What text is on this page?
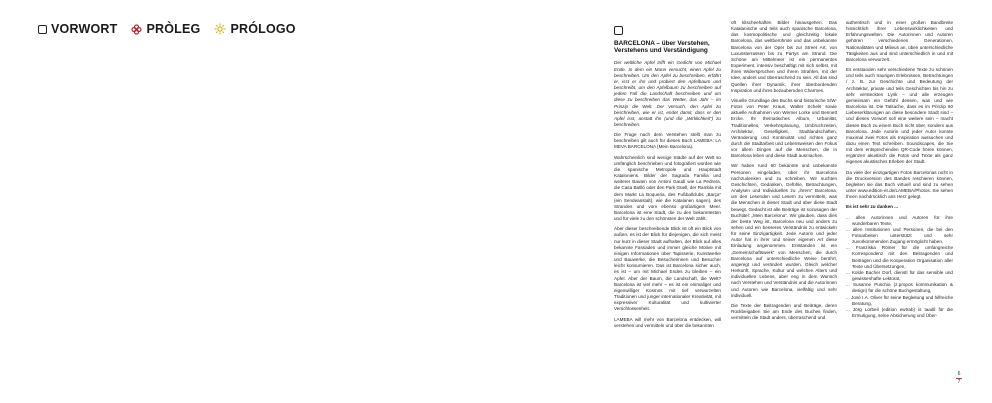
VORWORT PRÒLEG PRÓLOGO
BARCELONA – über Verstehen, Verstehens und Verständigung

Der weltliche Apfel trifft ein Gedicht von Michael Ende. In dem ein Mann versucht, einen Apfel zu beschreiben. Um den Apfel zu beschreiben, erfährt er, isst er ihn und probiert den Apfelbaum und beschreibt, um den Apfelbaum zu beschreiben auf jedem Fall die Landschaft beschreiben und um diese zu beschreiben das Wetter, das Jahr – im Prinzip die Welt. Der Versuch, den Apfel zu beschreiben, wie er ist, endet damit, dass er den Apfel isst, anstatt ihn (und die „Wirklichkeit“) zu beschreiben.

Die Frage nach dem Verstehen stellt man zu beschreiben gilt auch für dieses Buch LAMEBA: LA MEVA BARCELONA (Mein Barcelona).

Wahrscheinlich sind wenige Städte auf der Welt so umfänglich beschrieben und fotografiert worden wie die spanische Metropole und Hauptstadt Kataloniens. Bilder der Sagrada Familia und weiterer Bauten von Antoni Gaudí wie La Pedrera, die Casa Batlló oder den Park Güell, der Rambla mit dem Markt La Boqueria, des Fußballclubs „Barça“ (ein Sendeanstalt), wie die Katalanen sagen), des Strandes und vom ebenso großartigem Meer. Barcelona ist eine Stadt, die zu den bekanntesten und für viele zu den schönsten der Welt zählt.

Aber dieser beschreibende Blick ist oft ein Blick von außen, es ist der Blick für diejenigen, die sich meist nur kurz in dieser Stadt aufhalten, der Blick auf alles bekannte Fassaden und immer gleiche Motive mit einigen Informationen über Tapisserie, Kunstwerke und Bauwerke, die Besucherinnen und Besucher leicht konsumieren. Das ist Barcelona sicher auch, es ist – um mit Michael Endes zu bleiben – ein Apfel. Aber der Baum, die Landschaft, die Welt? Barcelona ist viel mehr – es ist ein einmaliger und eigenwilliger Kosmos mit tief verwurzelten Traditionen und junger internationaler Kreativität, mit expressiver Kulturalität und kultivierter Verschlossenheit.

LAMEBA will mehr von Barcelona entdecken, will verstehen und vermitteln und über die bekannten

oft klischeehaften Bilder hinausgehen. Das Katalanische und teils auch spanische Barcelona, das kosmopolitische und gleichzeitig lokale Barcelona, das weltberühmte und das unbekannte Barcelona von der Oper bis zur Street Art, von Luxussterrassen bis zu Partys am Strand. Die Schöne am Mittelmeer ist ein permanentes Experiment, intensiv beschäftigt mit sich selbst, mit ihren Widersprüchen und ihrem Strahlen, mit der Idee, anders und überraschend zu sein. All das sind Quellen ihrer Dynamik, ihrer überbordenden Inspiration und ihres bezaubernden Charmes.

Visuelle Grundlage des Buchs sind historische S/W-Fotos von Peter Kraus, Walter Schels sowie aktuelle Aufnahmen von Werner Lorke und Bennett Ercke. Ihr thematisches Album, Urbanität, Traditionelles, Verkehrsplanung, Umbruchzeiten, Architektur, Geselligkeit, Stadtlandschaften, Veränderung und Kontinuität und richten ganz durch die Stadtarbeit und Lebensweisen den Fokus vor allem Dingen auf die Menschen, die in Barcelona leben und diese Stadt ausmachen.

Wir haben rund 60 bekannte und unbekannte Personen eingeladen, über ihr Barcelona nachzudenken und zu schreiben. Wir suchten Geschichten, Gedanken, Gefühle, Betrachtungen, Analysen und Individuelles zu „ihrem“ Barcelona, um den Lesenden und Lesern zu vermitteln, was die Menschen in dieser Stadt und über diese Stadt bewegt. Gedacht ist alle Beiträge ist sozusagen der Buchtitel: „Mein Barcelona“. Wir glauben, dass dies der beste Weg ist, Barcelona neu und anders zu sehen und ein besseres Verständnis zu entwickeln für seine Einzigartigkeit. Jede Autorin und jeder Autor hat in ihrer und seiner eigenen Art diese Einladung angenommen. Entstanden ist ein „Gemeinschaftswerk“ von Menschen, die durch Barcelona auf unterschiedliche Weise berührt, angeregt und verändert wurden. Gleich welcher Herkunft, Sprache, Kultur und welchen Alters und individuellen Lebens, aber eng in dem Wunsch nach Verstehen und Verständnis und die Autorinnen und Autoren wie Barcelona, vielfältig und sehr individuell.

Die Texte der Beitragenden und Beiträge, deren Rückbeigaben Sie am Ende des Buches finden, vermitteln die Stadt anders, überraschend und

authentisch und in einer großen Bandbreite hinsichtlich ihrer Lebenswirklichkeiten und Erfahrungswelten. Die Autorinnen und Autoren gehören verschiedenen Generationen, Nationalitäten und Milieus an, üben unterschiedliche Tätigkeiten aus und sind unterschiedlich in und mit Barcelona verwurzelt.

Es entstanden sehr verschiedene Texte zu schönen und teils auch traurigen Erlebnissen, Betrachtungen / z. B. zur Geschichte und Bedeutung der Architektur, private und teils Geschichten bis hin zu sehr versteckten Lyrik – und alle erzeugen gemeinsam ein Gefühl dessen, was und wie Barcelona ist. Die Tatsache, dass es im Prinzip 60 Liebeserklärungen an diese besondere Stadt sind – und dieses Vorwort soll eine weitere sein – macht dieses Buch zu einem Buch nicht über, sondern aus Barcelona. Jede Autorin und jeder Autor konnte maximal zwei Fotos als Inspiration aussuchen und dazu einen Text schreiben. Soundscapes, die Sie mit dem entsprechenden QR-Code hören können, ergänzen akustisch die Fotos und Texte als ganz eigenes akustisches Erleben der Stadt.

Da viele der einzigartigen Fotos Barcelonas nicht in die Druckversion des Bandes reschieren können, begleiten sie das Buch virtuell und sind zu sehen unter www.edition-et.de/LAMEBA/Photos. Sie sehen Ihnen nachdrücklich ans Herz gelegt.

Es ist sehr zu danken ...

... allen Autorinnen und Autoren für ihre wunderbaren Texte,
... allen Institutionen und Personen, die bei den Fotoarbeiten unterstützt und sehr zuvorkommenden Zugang ermöglicht haben,
... Franziska Römer für die umfangreiche Korrespondenz mit den Beitragenden und Beitragen und die Kooperation Organisation aller Texte und Übersetzungen,
... Kolde Bacher Dorf, dienstl für das sensible und gewissenhafte Lektorat,
... Susanne Puschia (z.propos kommunikation & design) für die schöne Buchgestaltung,
... José I.A. Oliver für seine Begleitung und hilfreiche Beratung,
... Jörg Lorbeil (edition ewtrab) is taadil für die Ermutigung, seine Absicherung und Über-
6
7
